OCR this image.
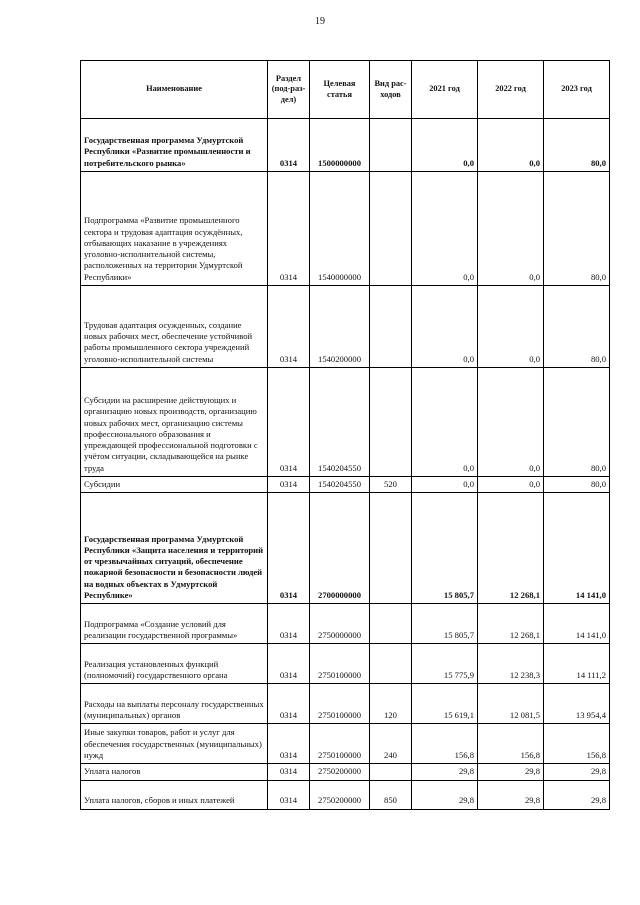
19
Наименование	Раздел (под-раз-дел)	Целевая статья	Вид рас-ходов	2021 год	2022 год	2023 год
Государственная программа Удмуртской Республики «Развитие промышленности и потребительского рынка»	0314	1500000000		0,0	0,0	80,0
Подпрограмма «Развитие промышленного сектора и трудовая адаптация осуждённых, отбывающих наказание в учреждениях уголовно-исполнительной системы, расположенных на территории Удмуртской Республики»	0314	1540000000		0,0	0,0	80,0
Трудовая адаптация осужденных, создание новых рабочих мест, обеспечение устойчивой работы промышленного сектора учреждений уголовно-исполнительной системы	0314	1540200000		0,0	0,0	80,0
Субсидии на расширение действующих и организацию новых производств, организацию новых рабочих мест, организацию системы профессионального образования и упреждающей профессиональной подготовки с учётом ситуации, складывающейся на рынке труда	0314	1540204550		0,0	0,0	80,0
Субсидии	0314	1540204550	520	0,0	0,0	80,0
Государственная программа Удмуртской Республики «Защита населения и территорий от чрезвычайных ситуаций, обеспечение пожарной безопасности и безопасности людей на водных объектах в Удмуртской Республике»	0314	2700000000		15 805,7	12 268,1	14 141,0
Подпрограмма «Создание условий для реализации государственной программы»	0314	2750000000		15 805,7	12 268,1	14 141,0
Реализация установленных функций (полномочий) государственного органа	0314	2750100000		15 775,9	12 238,3	14 111,2
Расходы на выплаты персоналу государственных (муниципальных) органов	0314	2750100000	120	15 619,1	12 081,5	13 954,4
Иные закупки товаров, работ и услуг для обеспечения государственных (муниципальных) нужд	0314	2750100000	240	156,8	156,8	156,8
Уплата налогов	0314	2750200000		29,8	29,8	29,8
Уплата налогов, сборов и иных платежей	0314	2750200000	850	29,8	29,8	29,8
